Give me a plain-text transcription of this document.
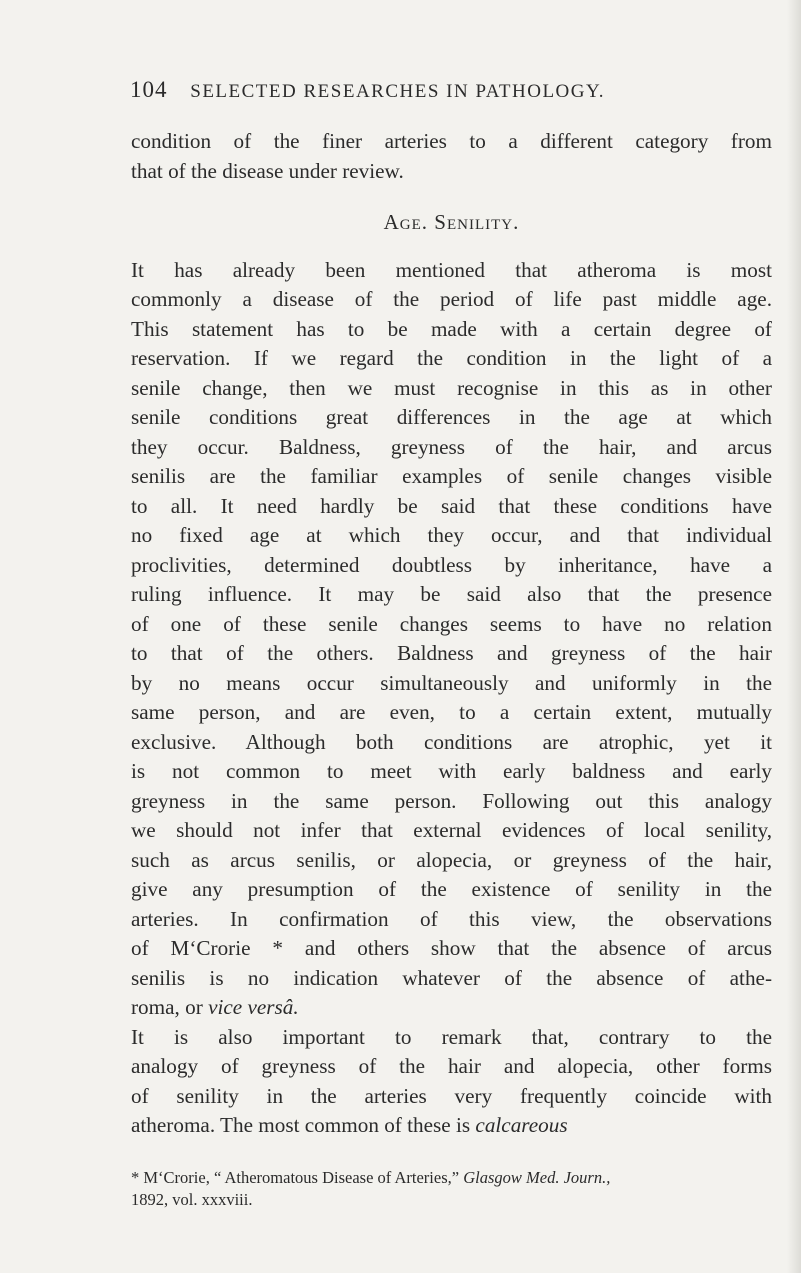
104 SELECTED RESEARCHES IN PATHOLOGY.

condition of the finer arteries to a different category from
that of the disease under review.

Age. Senility.

It has already been mentioned that atheroma is most
commonly a disease of the period of life past middle age.
This statement has to be made with a certain degree of
reservation. If we regard the condition in the light of a
senile change, then we must recognise in this as in other
senile conditions great differences in the age at which
they occur. Baldness, greyness of the hair, and arcus
senilis are the familiar examples of senile changes visible
to all. It need hardly be said that these conditions have
no fixed age at which they occur, and that individual
proclivities, determined doubtless by inheritance, have a
ruling influence. It may be said also that the presence
of one of these senile changes seems to have no relation
to that of the others. Baldness and greyness of the hair
by no means occur simultaneously and uniformly in the
same person, and are even, to a certain extent, mutually
exclusive. Although both conditions are atrophic, yet it
is not common to meet with early baldness and early
greyness in the same person. Following out this analogy
we should not infer that external evidences of local senility,
such as arcus senilis, or alopecia, or greyness of the hair,
give any presumption of the existence of senility in the
arteries. In confirmation of this view, the observations
of M‘Crorie * and others show that the absence of arcus
senilis is no indication whatever of the absence of athe-
roma, or vice versâ.

It is also important to remark that, contrary to the
analogy of greyness of the hair and alopecia, other forms
of senility in the arteries very frequently coincide with
atheroma. The most common of these is calcareous

* M‘Crorie, “ Atheromatous Disease of Arteries,” Glasgow Med. Journ.,
1892, vol. xxxviii.
